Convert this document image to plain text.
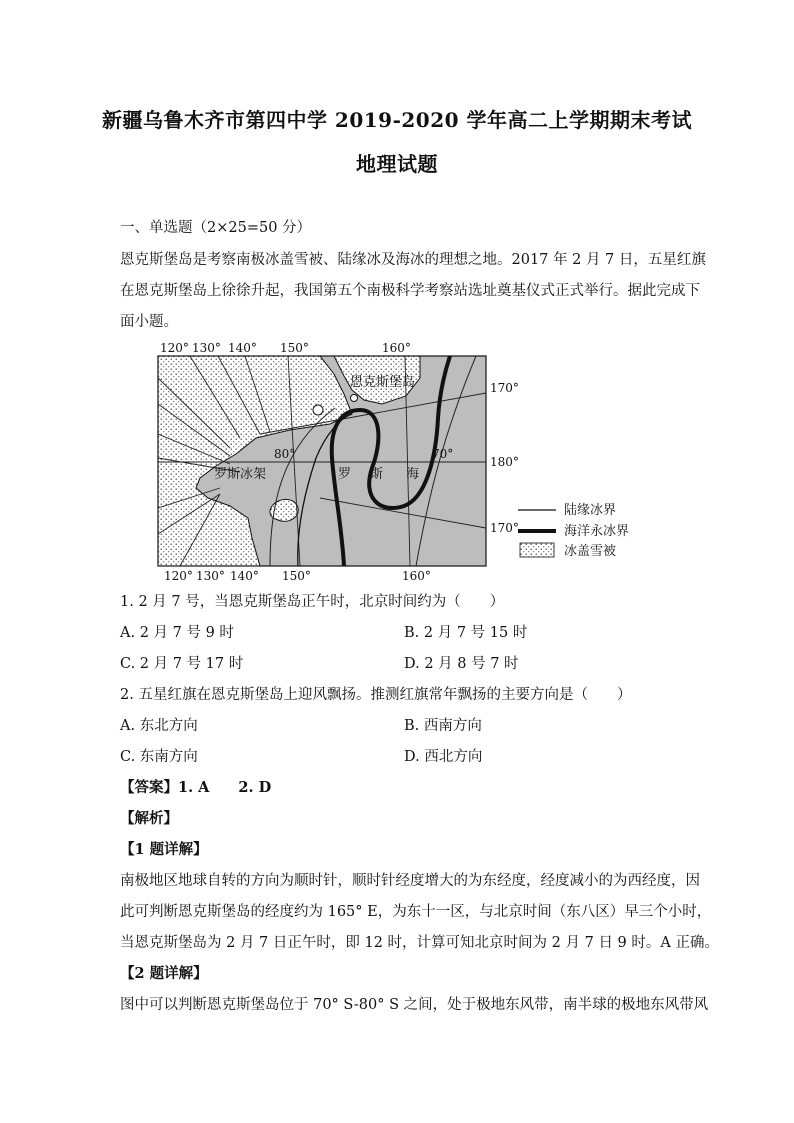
新疆乌鲁木齐市第四中学 2019-2020 学年高二上学期期末考试
地理试题
一、单选题（2×25=50 分）
恩克斯堡岛是考察南极冰盖雪被、陆缘冰及海冰的理想之地。2017 年 2 月 7 日，五星红旗
在恩克斯堡岛上徐徐升起，我国第五个南极科学考察站选址奠基仪式正式举行。据此完成下
面小题。
120° 130° 140° 150°	160°
恩克斯堡岛
罗斯冰架	罗 斯 海
80°	70°
170°
180°
170°
120° 130° 140° 150°	160°
陆缘冰界
海洋永冰界
冰盖雪被
1. 2 月 7 号，当恩克斯堡岛正午时，北京时间约为（　　）
A. 2 月 7 号 9 时	B. 2 月 7 号 15 时
C. 2 月 7 号 17 时	D. 2 月 8 号 7 时
2. 五星红旗在恩克斯堡岛上迎风飘扬。推测红旗常年飘扬的主要方向是（　　）
A. 东北方向	B. 西南方向
C. 东南方向	D. 西北方向
【答案】1. A　　2. D
【解析】
【1 题详解】
南极地区地球自转的方向为顺时针，顺时针经度增大的为东经度，经度减小的为西经度，因
此可判断恩克斯堡岛的经度约为 165° E，为东十一区，与北京时间（东八区）早三个小时，
当恩克斯堡岛为 2 月 7 日正午时，即 12 时，计算可知北京时间为 2 月 7 日 9 时。A 正确。
【2 题详解】
图中可以判断恩克斯堡岛位于 70° S-80° S 之间，处于极地东风带，南半球的极地东风带风
